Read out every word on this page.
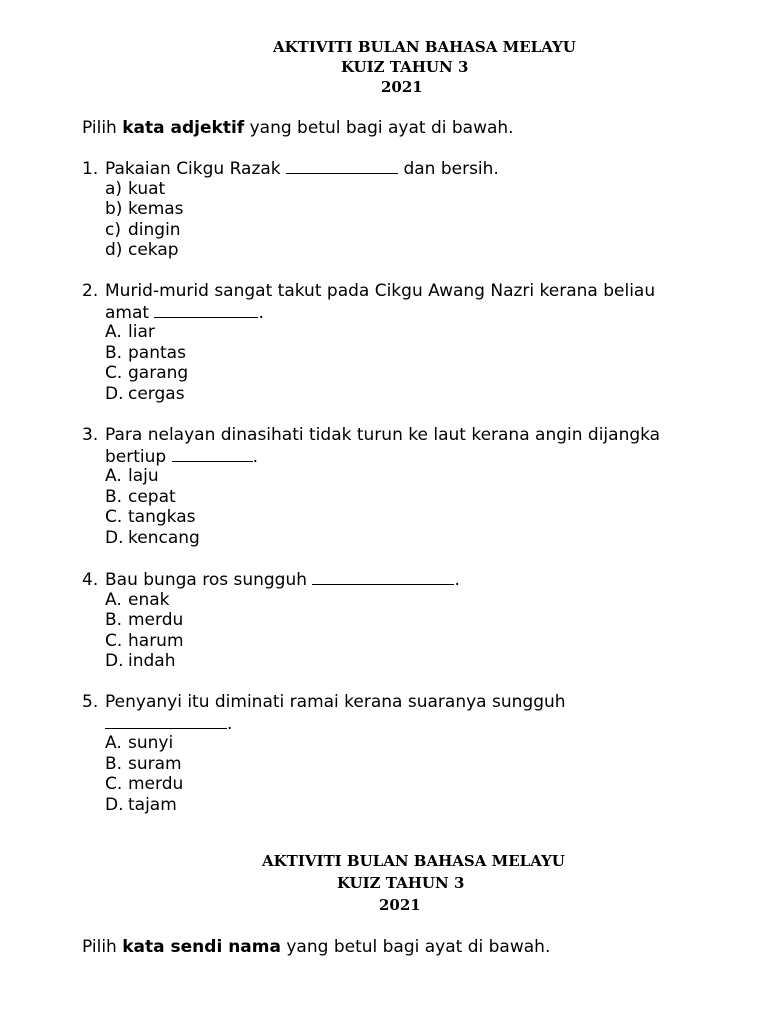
AKTIVITI BULAN BAHASA MELAYU
KUIZ TAHUN 3
2021
Pilih kata adjektif yang betul bagi ayat di bawah.
1. Pakaian Cikgu Razak	dan bersih.
a) kuat
b) kemas
c) dingin
d) cekap
2. Murid-murid sangat takut pada Cikgu Awang Nazri kerana beliau
amat	.
A. liar
B. pantas
C. garang
D. cergas
3. Para nelayan dinasihati tidak turun ke laut kerana angin dijangka
bertiup	.
A. laju
B. cepat
C. tangkas
D. kencang
4. Bau bunga ros sungguh	.
A. enak
B. merdu
C. harum
D. indah
5. Penyanyi itu diminati ramai kerana suaranya sungguh
.
A. sunyi
B. suram
C. merdu
D. tajam
AKTIVITI BULAN BAHASA MELAYU
KUIZ TAHUN 3
2021
Pilih kata sendi nama yang betul bagi ayat di bawah.
